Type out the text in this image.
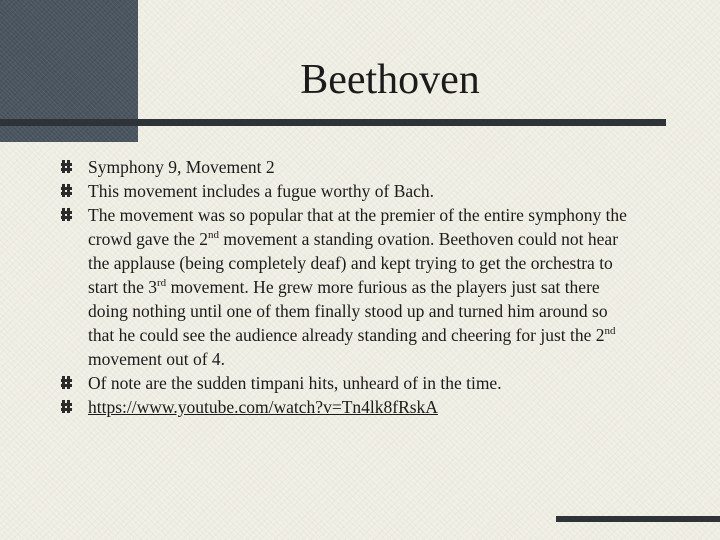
Beethoven
Symphony 9, Movement 2
This movement includes a fugue worthy of Bach.
The movement was so popular that at the premier of the entire symphony the crowd gave the 2nd movement a standing ovation. Beethoven could not hear the applause (being completely deaf) and kept trying to get the orchestra to start the 3rd movement. He grew more furious as the players just sat there doing nothing until one of them finally stood up and turned him around so that he could see the audience already standing and cheering for just the 2nd movement out of 4.
Of note are the sudden timpani hits, unheard of in the time.
https://www.youtube.com/watch?v=Tn4lk8fRskA
